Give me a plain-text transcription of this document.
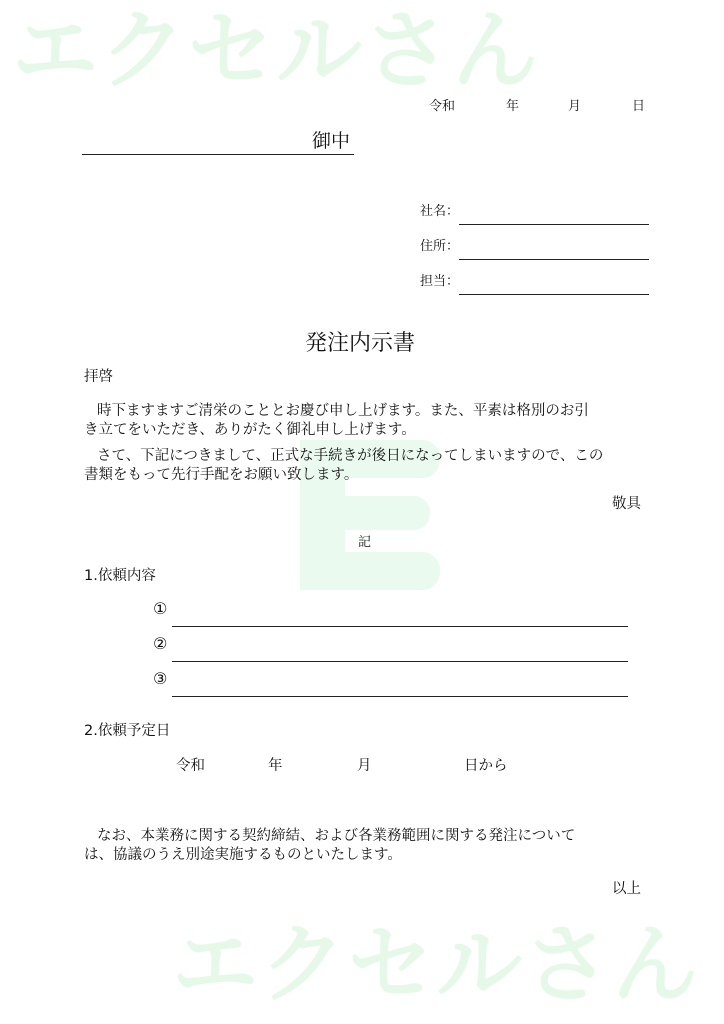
エクセルさん
エクセルさん
令和	年	月	日
御中
社名：
住所：
担当：
発注内示書
拝啓
時下ますますご清栄のこととお慶び申し上げます。また、平素は格別のお引
き立てをいただき、ありがたく御礼申し上げます。
さて、下記につきまして、正式な手続きが後日になってしまいますので、この
書類をもって先行手配をお願い致します。
敬具
記
1.依頼内容
①
②
③
2.依頼予定日
令和	年	月	日から
なお、本業務に関する契約締結、および各業務範囲に関する発注について
は、協議のうえ別途実施するものといたします。
以上
